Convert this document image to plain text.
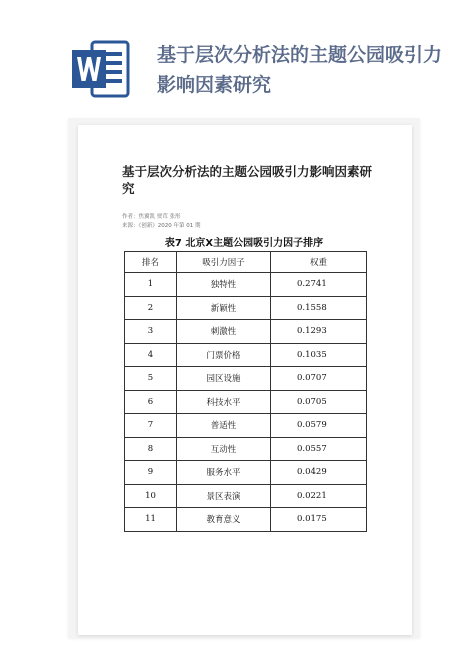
基于层次分析法的主题公园吸引力影响因素研究
基于层次分析法的主题公园吸引力影响因素研究
作者：焦翼凯 贾茸 张彤
来源：《创新》2020 年第 01 期
表7 北京X主题公园吸引力因子排序
排名	吸引力因子	权重
1	独特性	0.2741
2	新颖性	0.1558
3	刺激性	0.1293
4	门票价格	0.1035
5	园区设施	0.0707
6	科技水平	0.0705
7	普适性	0.0579
8	互动性	0.0557
9	服务水平	0.0429
10	景区表演	0.0221
11	教育意义	0.0175
